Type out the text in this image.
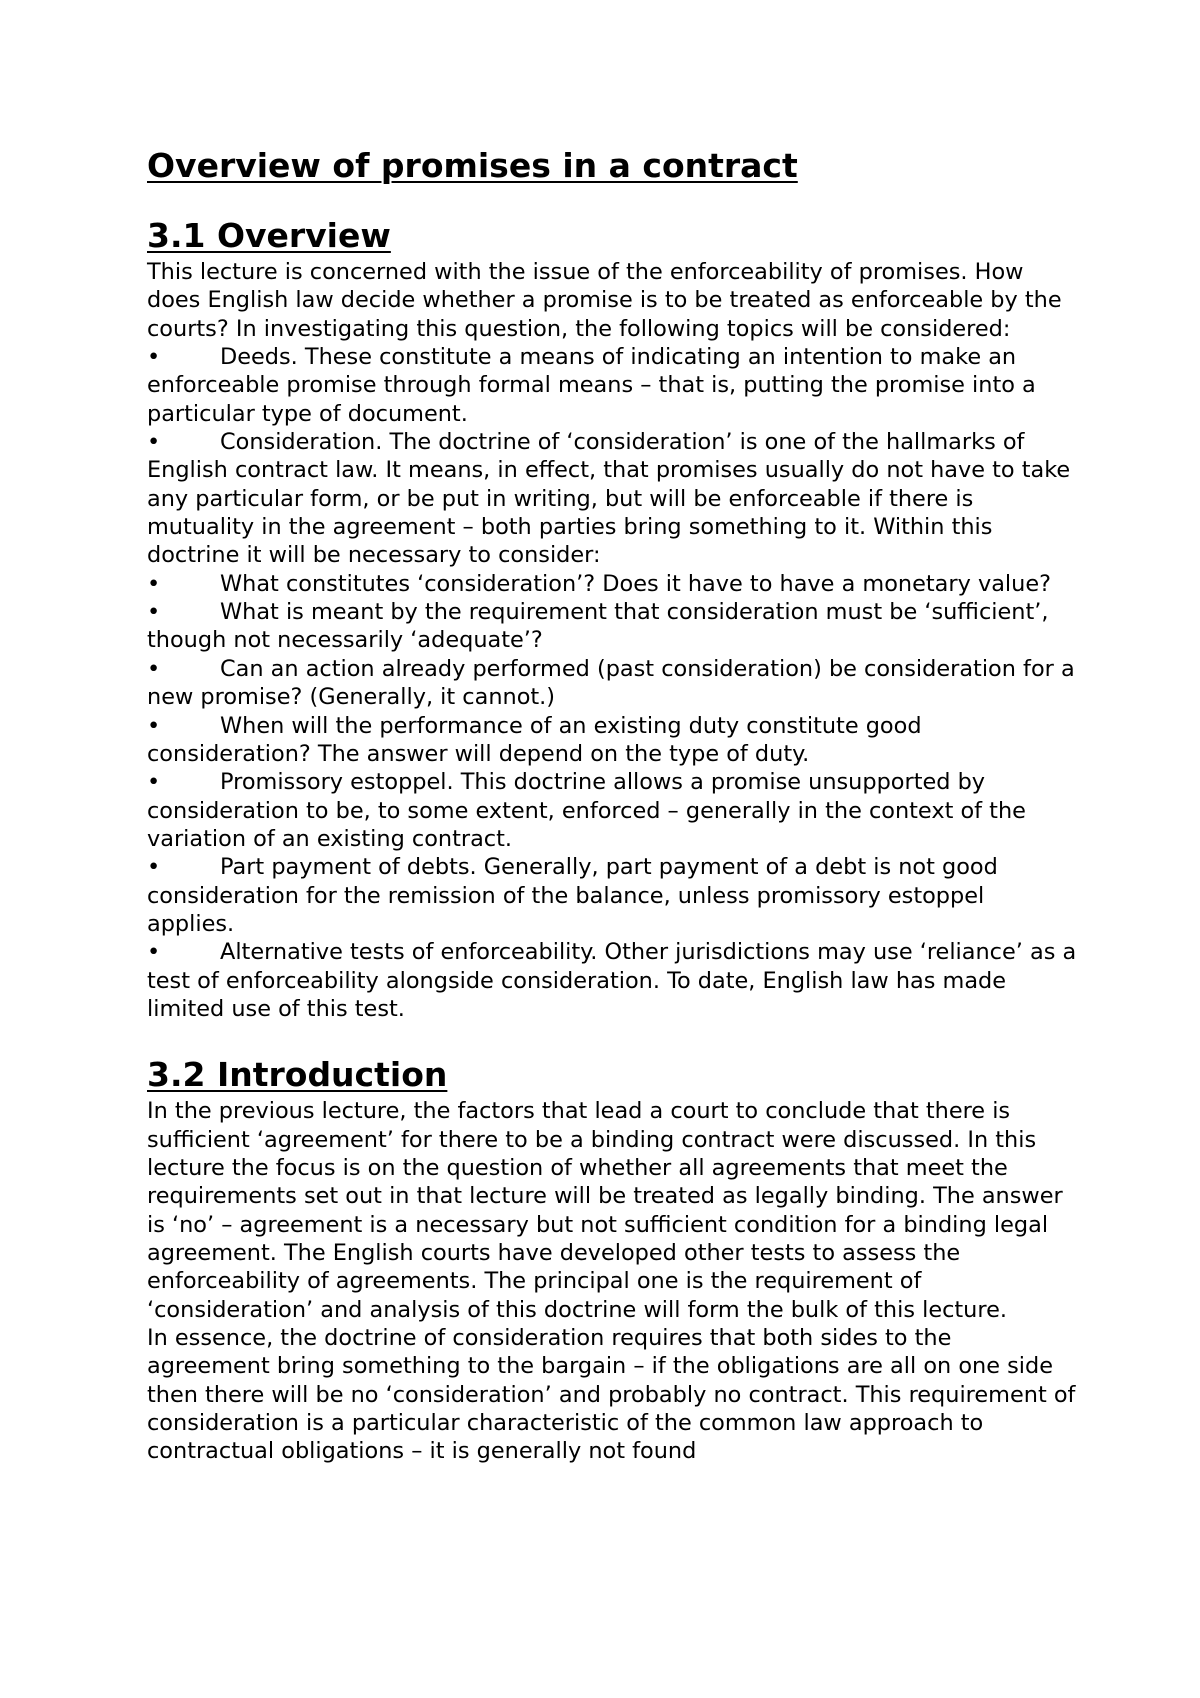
Overview of promises in a contract
3.1 Overview

This lecture is concerned with the issue of the enforceability of promises. How does English law decide whether a promise is to be treated as enforceable by the courts? In investigating this question, the following topics will be considered:

•	Deeds. These constitute a means of indicating an intention to make an enforceable promise through formal means – that is, putting the promise into a particular type of document.

•	Consideration. The doctrine of ‘consideration’ is one of the hallmarks of English contract law. It means, in effect, that promises usually do not have to take any particular form, or be put in writing, but will be enforceable if there is mutuality in the agreement – both parties bring something to it. Within this doctrine it will be necessary to consider:

•	What constitutes ‘consideration’? Does it have to have a monetary value?

•	What is meant by the requirement that consideration must be ‘sufficient’, though not necessarily ‘adequate’?

•	Can an action already performed (past consideration) be consideration for a new promise? (Generally, it cannot.)

•	When will the performance of an existing duty constitute good consideration? The answer will depend on the type of duty.

•	Promissory estoppel. This doctrine allows a promise unsupported by consideration to be, to some extent, enforced – generally in the context of the variation of an existing contract.

•	Part payment of debts. Generally, part payment of a debt is not good consideration for the remission of the balance, unless promissory estoppel applies.

•	Alternative tests of enforceability. Other jurisdictions may use ‘reliance’ as a test of enforceability alongside consideration. To date, English law has made limited use of this test.

3.2 Introduction

In the previous lecture, the factors that lead a court to conclude that there is sufficient ‘agreement’ for there to be a binding contract were discussed. In this lecture the focus is on the question of whether all agreements that meet the requirements set out in that lecture will be treated as legally binding. The answer is ‘no’ – agreement is a necessary but not sufficient condition for a binding legal agreement. The English courts have developed other tests to assess the enforceability of agreements. The principal one is the requirement of ‘consideration’ and analysis of this doctrine will form the bulk of this lecture.

In essence, the doctrine of consideration requires that both sides to the agreement bring something to the bargain – if the obligations are all on one side then there will be no ‘consideration’ and probably no contract. This requirement of consideration is a particular characteristic of the common law approach to contractual obligations – it is generally not found
